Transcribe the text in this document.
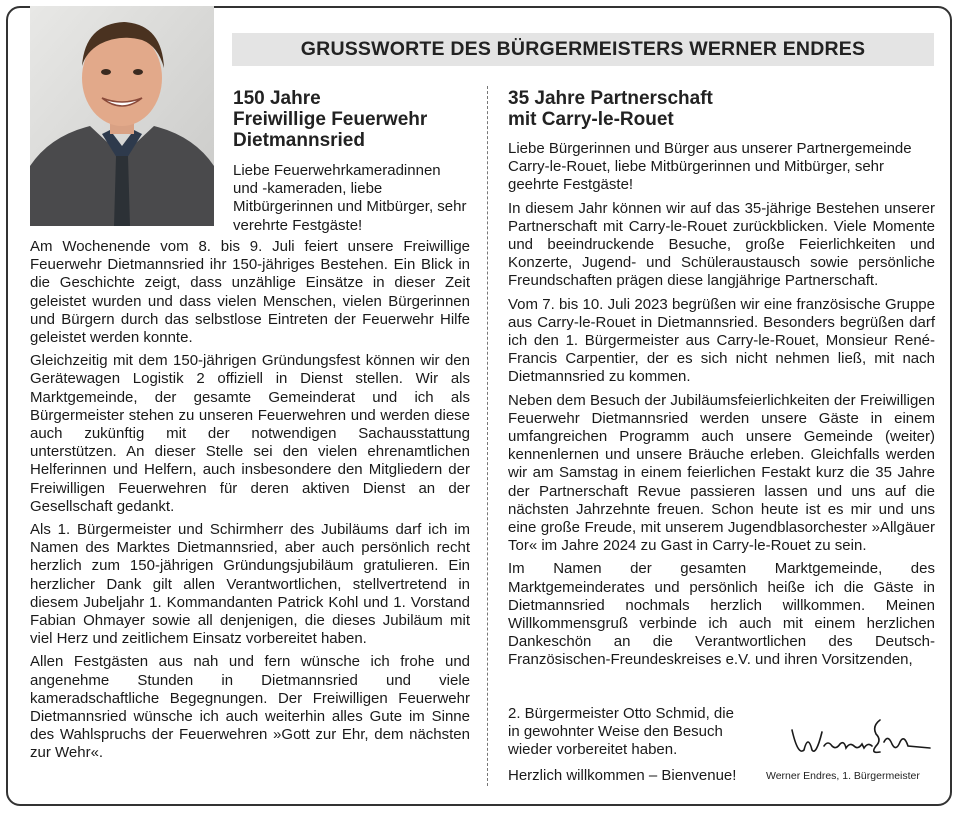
GRUSSWORTE DES BÜRGERMEISTERS WERNER ENDRES
150 Jahre
Freiwillige Feuerwehr
Dietmannsried

Liebe Feuerwehrkameradinnen und -kameraden, liebe Mitbürgerinnen und Mitbürger, sehr verehrte Festgäste!

Am Wochenende vom 8. bis 9. Juli feiert unsere Freiwillige Feuerwehr Dietmannsried ihr 150-jähriges Bestehen. Ein Blick in die Geschichte zeigt, dass unzählige Einsätze in dieser Zeit geleistet wurden und dass vielen Menschen, vielen Bürgerinnen und Bürgern durch das selbstlose Eintreten der Feuerwehr Hilfe geleistet werden konnte.

Gleichzeitig mit dem 150-jährigen Gründungsfest können wir den Gerätewagen Logistik 2 offiziell in Dienst stellen. Wir als Marktgemeinde, der gesamte Gemeinderat und ich als Bürgermeister stehen zu unseren Feuerwehren und werden diese auch zukünftig mit der notwendigen Sachausstattung unterstützen. An dieser Stelle sei den vielen ehrenamtlichen Helferinnen und Helfern, auch insbesondere den Mitgliedern der Freiwilligen Feuerwehren für deren aktiven Dienst an der Gesellschaft gedankt.

Als 1. Bürgermeister und Schirmherr des Jubiläums darf ich im Namen des Marktes Dietmannsried, aber auch persönlich recht herzlich zum 150-jährigen Gründungsjubiläum gratulieren. Ein herzlicher Dank gilt allen Verantwortlichen, stellvertretend in diesem Jubeljahr 1. Kommandanten Patrick Kohl und 1. Vorstand Fabian Ohmayer sowie all denjenigen, die dieses Jubiläum mit viel Herz und zeitlichem Einsatz vorbereitet haben.

Allen Festgästen aus nah und fern wünsche ich frohe und angenehme Stunden in Dietmannsried und viele kameradschaftliche Begegnungen. Der Freiwilligen Feuerwehr Dietmannsried wünsche ich auch weiterhin alles Gute im Sinne des Wahlspruchs der Feuerwehren »Gott zur Ehr, dem nächsten zur Wehr«.

35 Jahre Partnerschaft
mit Carry-le-Rouet

Liebe Bürgerinnen und Bürger aus unserer Partnergemeinde Carry-le-Rouet, liebe Mitbürgerinnen und Mitbürger, sehr geehrte Festgäste!

In diesem Jahr können wir auf das 35-jährige Bestehen unserer Partnerschaft mit Carry-le-Rouet zurückblicken. Viele Momente und beeindruckende Besuche, große Feierlichkeiten und Konzerte, Jugend- und Schüleraustausch sowie persönliche Freundschaften prägen diese langjährige Partnerschaft.

Vom 7. bis 10. Juli 2023 begrüßen wir eine französische Gruppe aus Carry-le-Rouet in Dietmannsried. Besonders begrüßen darf ich den 1. Bürgermeister aus Carry-le-Rouet, Monsieur René-Francis Carpentier, der es sich nicht nehmen ließ, mit nach Dietmannsried zu kommen.

Neben dem Besuch der Jubiläumsfeierlichkeiten der Freiwilligen Feuerwehr Dietmannsried werden unsere Gäste in einem umfangreichen Programm auch unsere Gemeinde (weiter) kennenlernen und unsere Bräuche erleben. Gleichfalls werden wir am Samstag in einem feierlichen Festakt kurz die 35 Jahre der Partnerschaft Revue passieren lassen und uns auf die nächsten Jahrzehnte freuen. Schon heute ist es mir und uns eine große Freude, mit unserem Jugendblasorchester »Allgäuer Tor« im Jahre 2024 zu Gast in Carry-le-Rouet zu sein.

Im Namen der gesamten Marktgemeinde, des Marktgemeinderates und persönlich heiße ich die Gäste in Dietmannsried nochmals herzlich willkommen. Meinen Willkommensgruß verbinde ich auch mit einem herzlichen Dankeschön an die Verantwortlichen des Deutsch-Französischen-Freundeskreises e.V. und ihren Vorsitzenden,

2. Bürgermeister Otto Schmid, die
in gewohnter Weise den Besuch
wieder vorbereitet haben.
Herzlich willkommen – Bienvenue!	Werner Endres, 1. Bürgermeister
